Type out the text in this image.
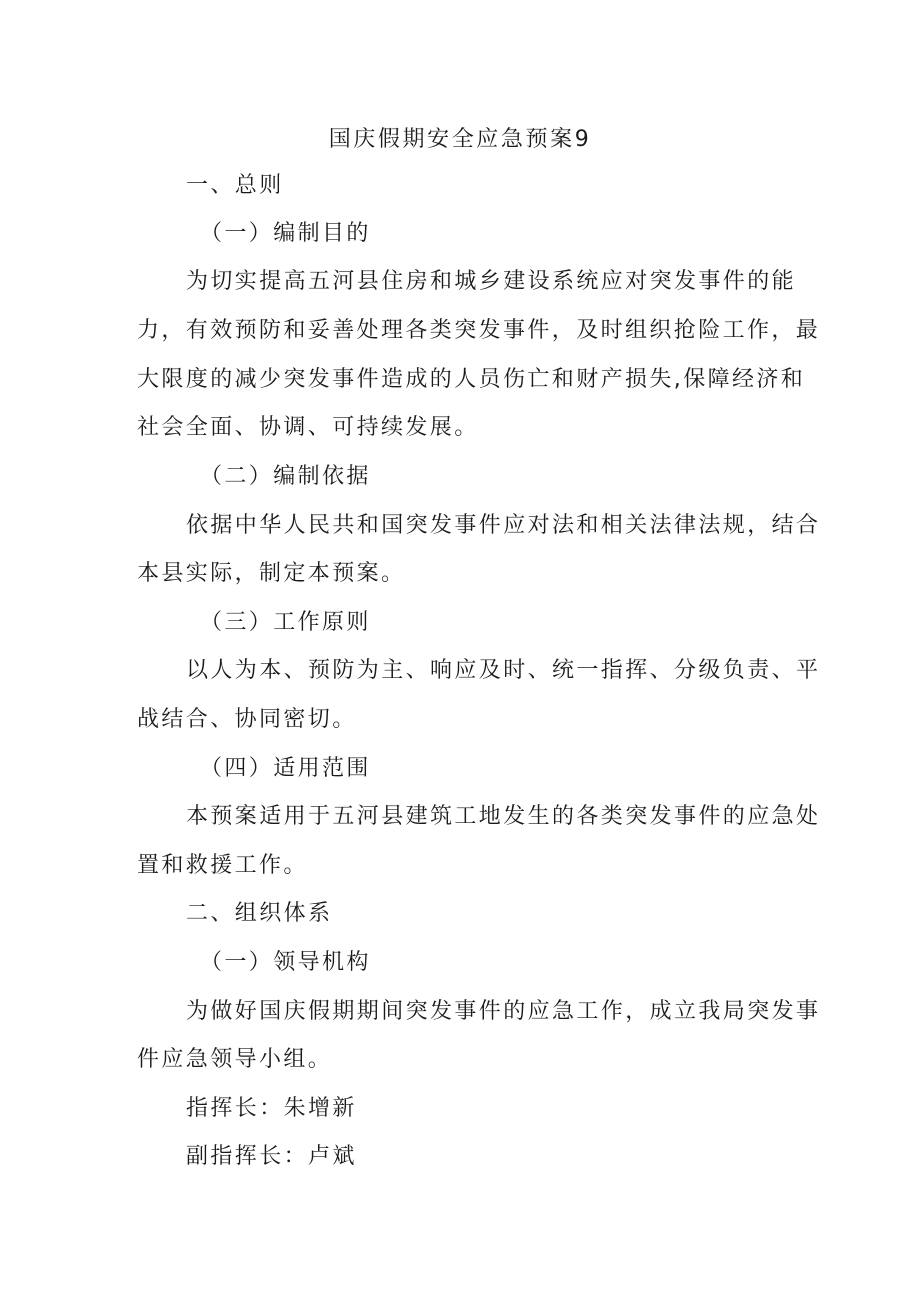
国庆假期安全应急预案9

一、总则

（一）编制目的

为切实提高五河县住房和城乡建设系统应对突发事件的能

力，有效预防和妥善处理各类突发事件，及时组织抢险工作，最

大限度的减少突发事件造成的人员伤亡和财产损失,保障经济和

社会全面、协调、可持续发展。

（二）编制依据

依据中华人民共和国突发事件应对法和相关法律法规，结合

本县实际，制定本预案。

（三）工作原则

以人为本、预防为主、响应及时、统一指挥、分级负责、平

战结合、协同密切。

（四）适用范围

本预案适用于五河县建筑工地发生的各类突发事件的应急处

置和救援工作。

二、组织体系

（一）领导机构

为做好国庆假期期间突发事件的应急工作，成立我局突发事

件应急领导小组。

指挥长：朱增新

副指挥长：卢斌
